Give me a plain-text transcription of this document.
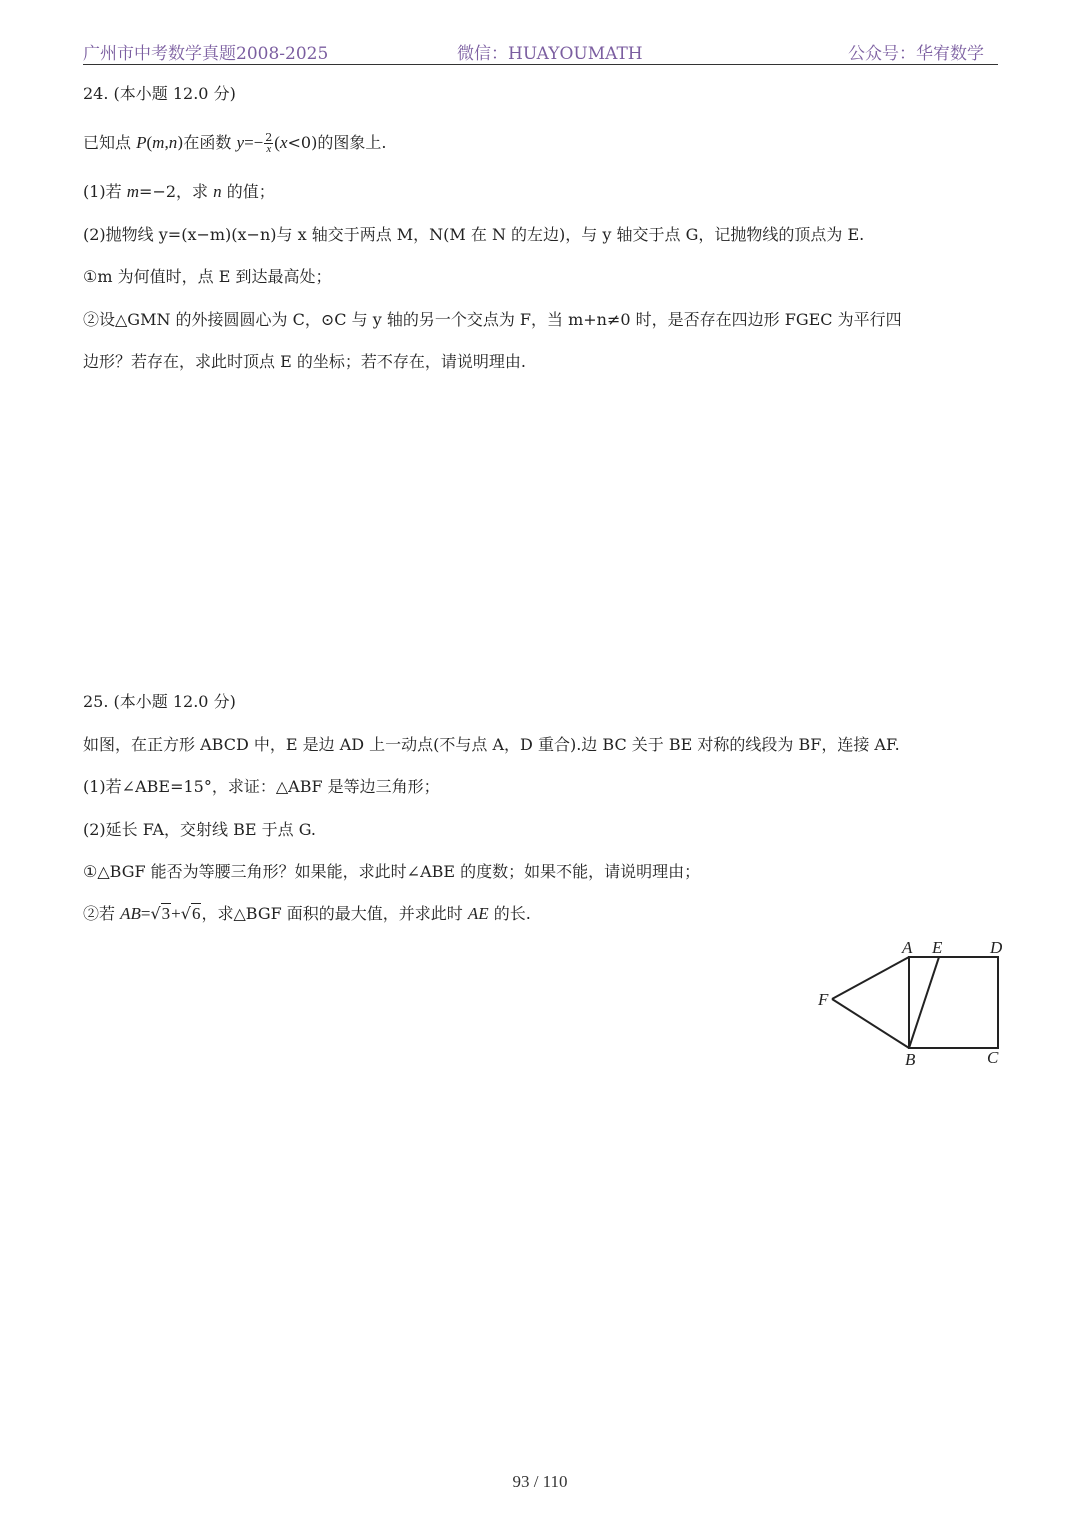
广州市中考数学真题2008-2025	微信：HUAYOUMATH	公众号：华宥数学
24. (本小题 12.0 分)
已知点 P(m,n)在函数 $y=- \frac{2}{x} (x<0)$的图象上.
(1)若 m=−2，求 n 的值；
(2)抛物线 y=(x−m)(x−n)与 x 轴交于两点 M，N(M 在 N 的左边)，与 y 轴交于点 G，记抛物线的顶点为 E.
①m 为何值时，点 E 到达最高处；
②设△GMN 的外接圆圆心为 C，⊙C 与 y 轴的另一个交点为 F，当 m+n≠0 时，是否存在四边形 FGEC 为平行四
边形？若存在，求此时顶点 E 的坐标；若不存在，请说明理由.
25. (本小题 12.0 分)
如图，在正方形 ABCD 中，E 是边 AD 上一动点(不与点 A，D 重合).边 BC 关于 BE 对称的线段为 BF，连接 AF.
(1)若∠ABE=15°，求证：△ABF 是等边三角形；
(2)延长 FA，交射线 BE 于点 G.
①△BGF 能否为等腰三角形？如果能，求此时∠ABE 的度数；如果不能，请说明理由；
②若 AB=√3+√6，求△BGF 面积的最大值，并求此时 AE 的长.
A E	D
F
B	C
93 / 110
